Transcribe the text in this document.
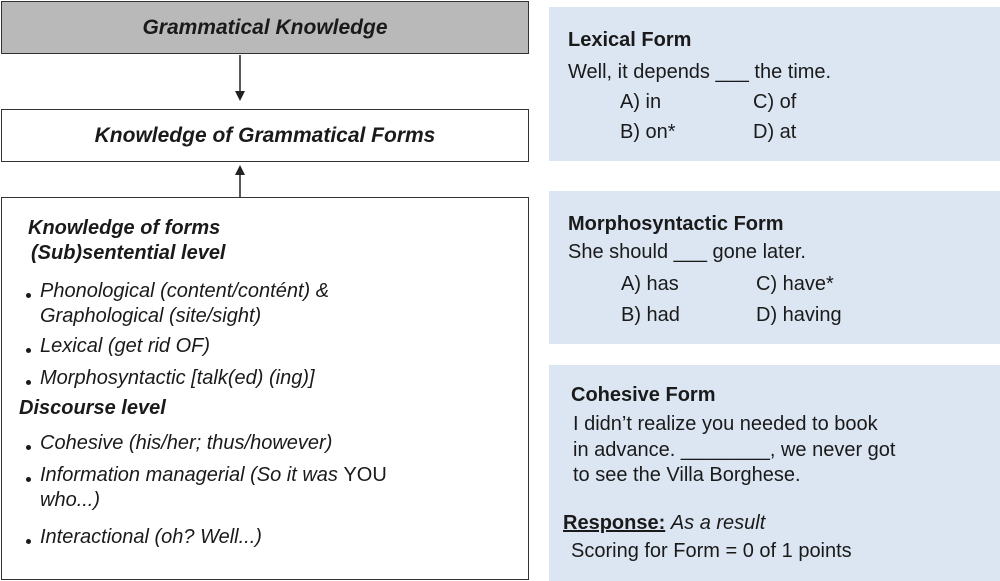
Grammatical Knowledge
Knowledge of Grammatical Forms
Knowledge of forms
(Sub)sentential level
Phonological (content/contént) &
Graphological (site/sight)
Lexical (get rid OF)
Morphosyntactic [talk(ed) (ing)]
Discourse level
Cohesive (his/her; thus/however)
Information managerial (So it was YOU
who...)
Interactional (oh? Well...)
Lexical Form
Well, it depends ___ the time.
A) in	C) of
B) on*	D) at
Morphosyntactic Form
She should ___ gone later.
A) has	C) have*
B) had	D) having
Cohesive Form
I didn’t realize you needed to book
in advance. ________, we never got
to see the Villa Borghese.
Response: As a result
Scoring for Form = 0 of 1 points
